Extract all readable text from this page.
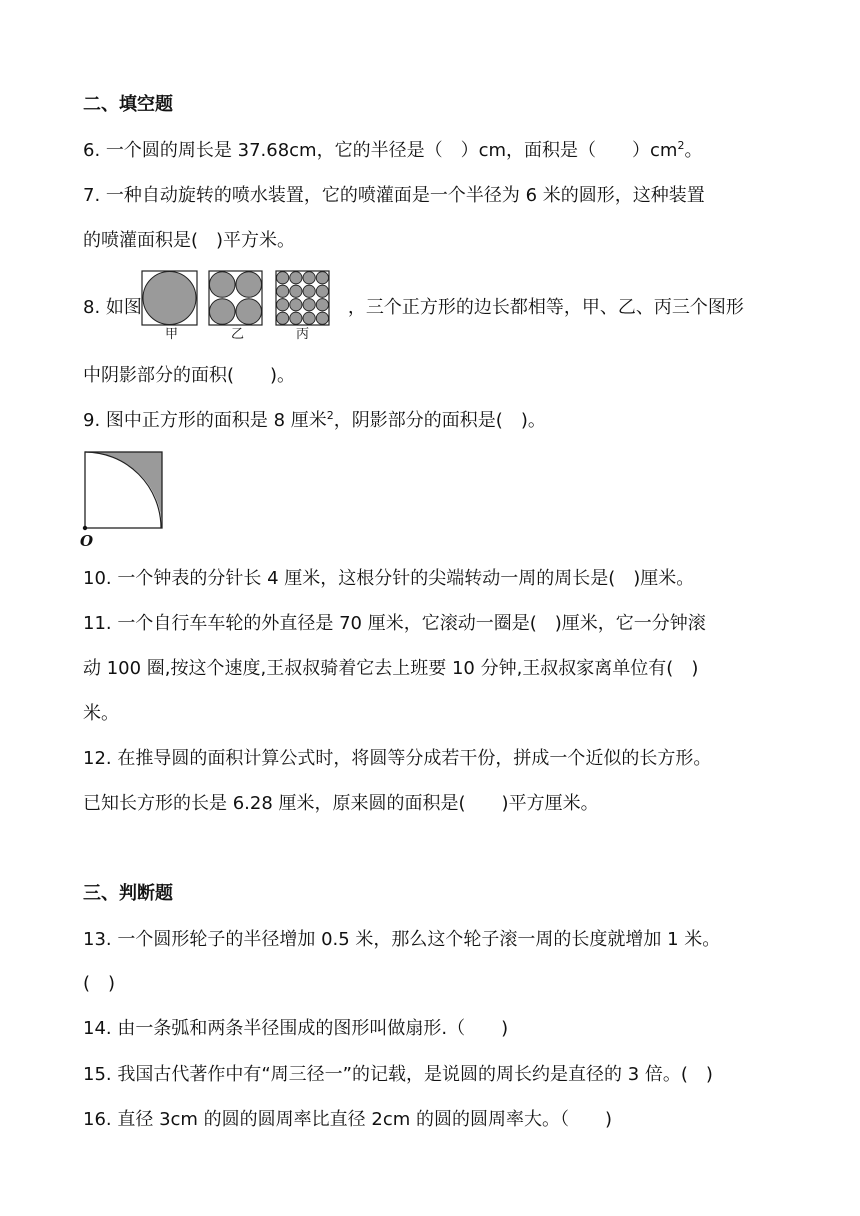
二、填空题
6. 一个圆的周长是 37.68cm，它的半径是（　）cm，面积是（　　）$cm^2$。
7. 一种自动旋转的喷水装置，它的喷灌面是一个半径为 6 米的圆形，这种装置
的喷灌面积是(　)平方米。
8. 如图	，三个正方形的边长都相等，甲、乙、丙三个图形
甲	乙	丙
中阴影部分的面积(　　)。
9. 图中正方形的面积是 8 厘米$^2$，阴影部分的面积是(　)。
O
10. 一个钟表的分针长 4 厘米，这根分针的尖端转动一周的周长是(　)厘米。
11. 一个自行车车轮的外直径是 70 厘米，它滚动一圈是(　)厘米，它一分钟滚
动 100 圈,按这个速度,王叔叔骑着它去上班要 10 分钟,王叔叔家离单位有(　)
米。
12. 在推导圆的面积计算公式时，将圆等分成若干份，拼成一个近似的长方形。
已知长方形的长是 6.28 厘米，原来圆的面积是(　　)平方厘米。
三、判断题
13. 一个圆形轮子的半径增加 0.5 米，那么这个轮子滚一周的长度就增加 1 米。
(　)
14. 由一条弧和两条半径围成的图形叫做扇形.（　　)
15. 我国古代著作中有“周三径一”的记载，是说圆的周长约是直径的 3 倍。(　)
16. 直径 3cm 的圆的圆周率比直径 2cm 的圆的圆周率大。（　　)
